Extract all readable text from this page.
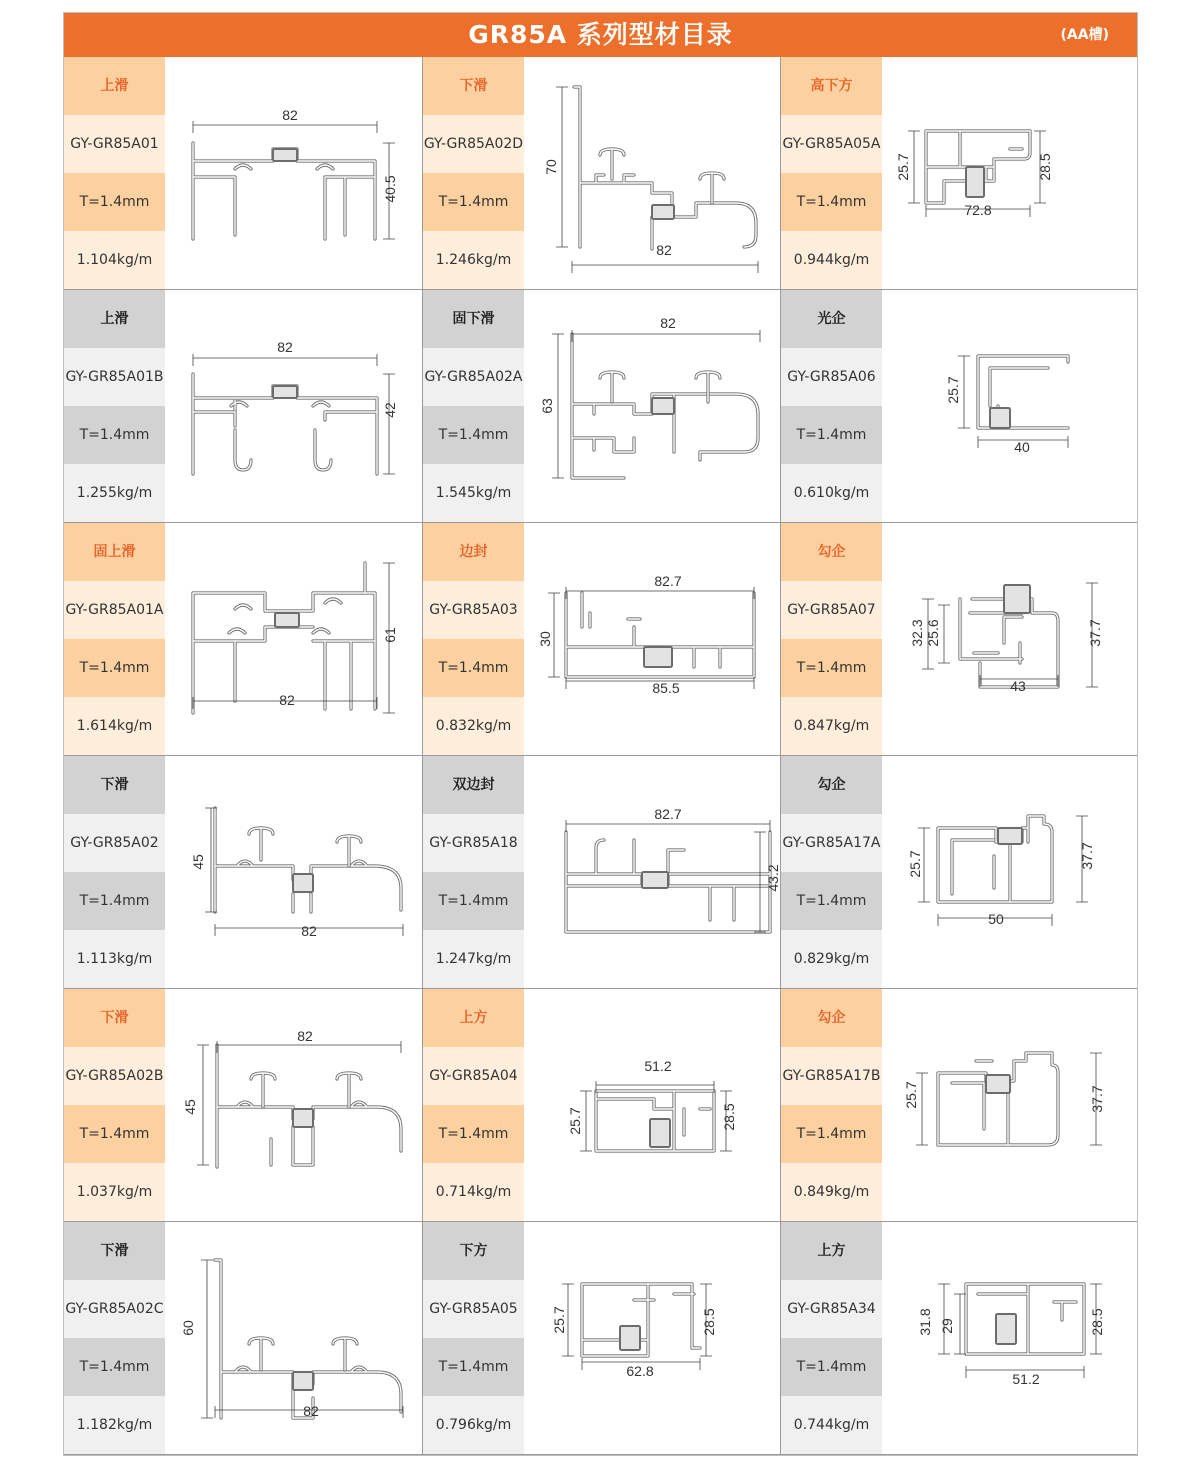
GR85A 系列型材目录	(AA槽)
上滑
GY-GR85A01
T=1.4mm
1.104kg/m
82
40.5
下滑
GY-GR85A02D
T=1.4mm
1.246kg/m
70
82
高下方
GY-GR85A05A
T=1.4mm
0.944kg/m
25.7	28.5
72.8
上滑
GY-GR85A01B
T=1.4mm
1.255kg/m
82
42
固下滑
GY-GR85A02A
T=1.4mm
1.545kg/m
82
63
光企
GY-GR85A06
T=1.4mm
0.610kg/m
25.7
40
固上滑
GY-GR85A01A
T=1.4mm
1.614kg/m
61
82
边封
GY-GR85A03
T=1.4mm
0.832kg/m
82.7
30
85.5
勾企
GY-GR85A07
T=1.4mm
0.847kg/m
32.3 25.6	37.7
43
下滑
GY-GR85A02
T=1.4mm
1.113kg/m
45
82
双边封
GY-GR85A18
T=1.4mm
1.247kg/m
82.7
43.2
勾企
GY-GR85A17A
T=1.4mm
0.829kg/m
25.7	37.7
50
下滑
GY-GR85A02B
T=1.4mm
1.037kg/m
82
45
上方
GY-GR85A04
T=1.4mm
0.714kg/m
51.2
25.7	28.5
勾企
GY-GR85A17B
T=1.4mm
0.849kg/m
25.7	37.7
下滑
GY-GR85A02C
T=1.4mm
1.182kg/m
60
82
下方
GY-GR85A05
T=1.4mm
0.796kg/m
25.7	28.5
62.8
上方
GY-GR85A34
T=1.4mm
0.744kg/m
31.8 29	28.5
51.2
